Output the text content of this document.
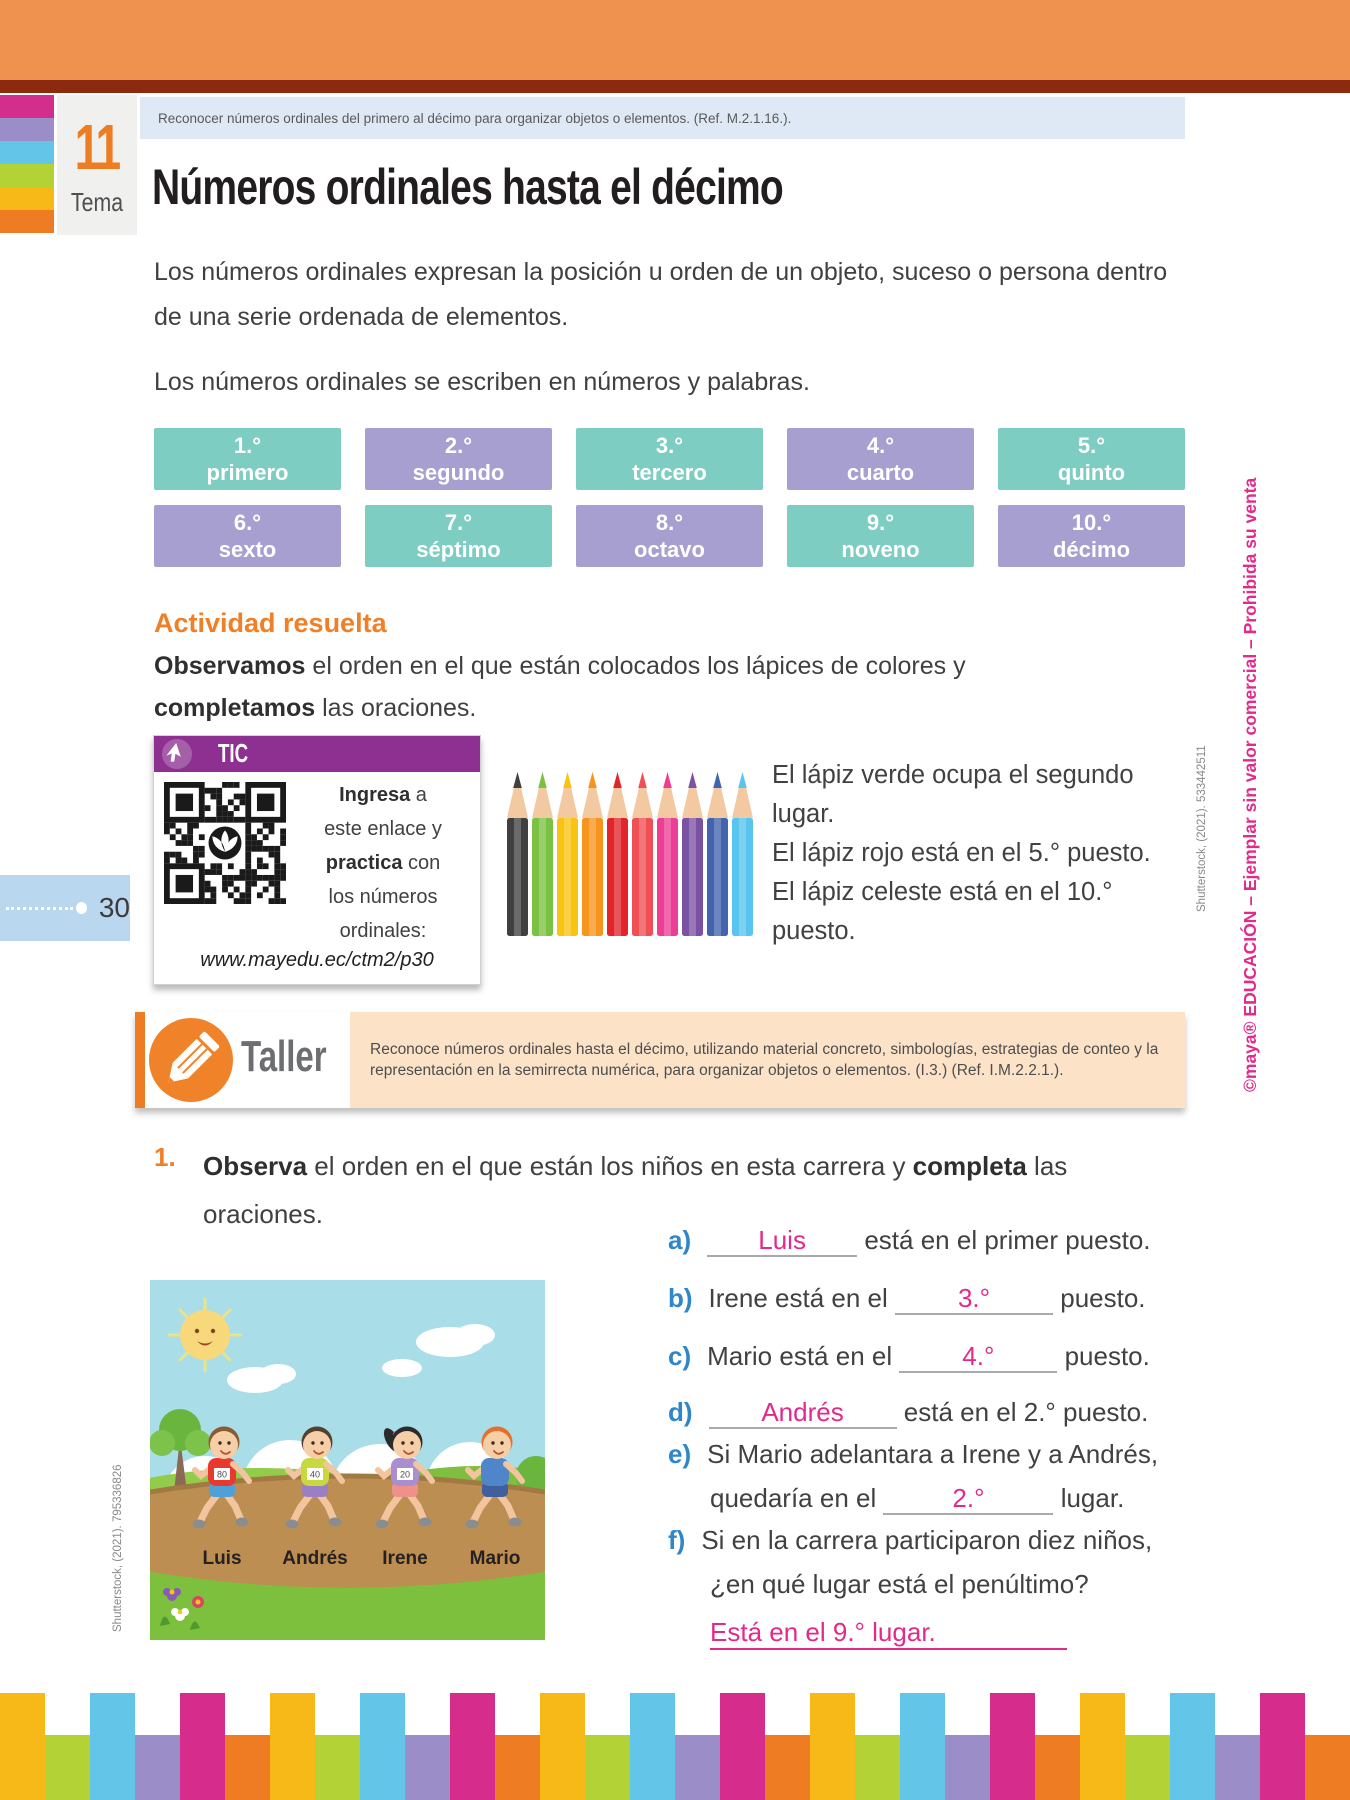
11
Tema
Reconocer números ordinales del primero al décimo para organizar objetos o elementos. (Ref. M.2.1.16.).
Números ordinales hasta el décimo
Los números ordinales expresan la posición u orden de un objeto, suceso o persona dentro de una serie ordenada de elementos.
Los números ordinales se escriben en números y palabras.
1.°
primero
2.°
segundo
3.°
tercero
4.°
cuarto
5.°
quinto
6.°
sexto
7.°
séptimo
8.°
octavo
9.°
noveno
10.°
décimo
Actividad resuelta
Observamos el orden en el que están colocados los lápices de colores y completamos las oraciones.
TIC
Ingresa a
este enlace y
practica con
los números
ordinales:
www.mayedu.ec/ctm2/p30
El lápiz verde ocupa el segundo lugar.
El lápiz rojo está en el 5.° puesto.
El lápiz celeste está en el 10.° puesto.
Shutterstock, (2021). 533442511 ©maya® EDUCACIÓN – Ejemplar sin valor comercial – Prohibida su venta
30
Taller	Reconoce números ordinales hasta el décimo, utilizando material concreto, simbologías, estrategias de conteo y la representación en la semirrecta numérica, para organizar objetos o elementos. (I.3.) (Ref. I.M.2.2.1.).

1. Observa el orden en el que están los niños en esta carrera y completa las oraciones.
80	40	20
Luis Andrés Irene Mario
Shutterstock, (2021). 795336826
a)	Luis está en el primer puesto.
b) Irene está en el 3.° puesto.
c) Mario está en el 4.° puesto.
d)	Andrés está en el 2.° puesto.
e) Si Mario adelantara a Irene y a Andrés,
quedaría en el	2.°	lugar.
f) Si en la carrera participaron diez niños,
¿en qué lugar está el penúltimo?
Está en el 9.° lugar.
